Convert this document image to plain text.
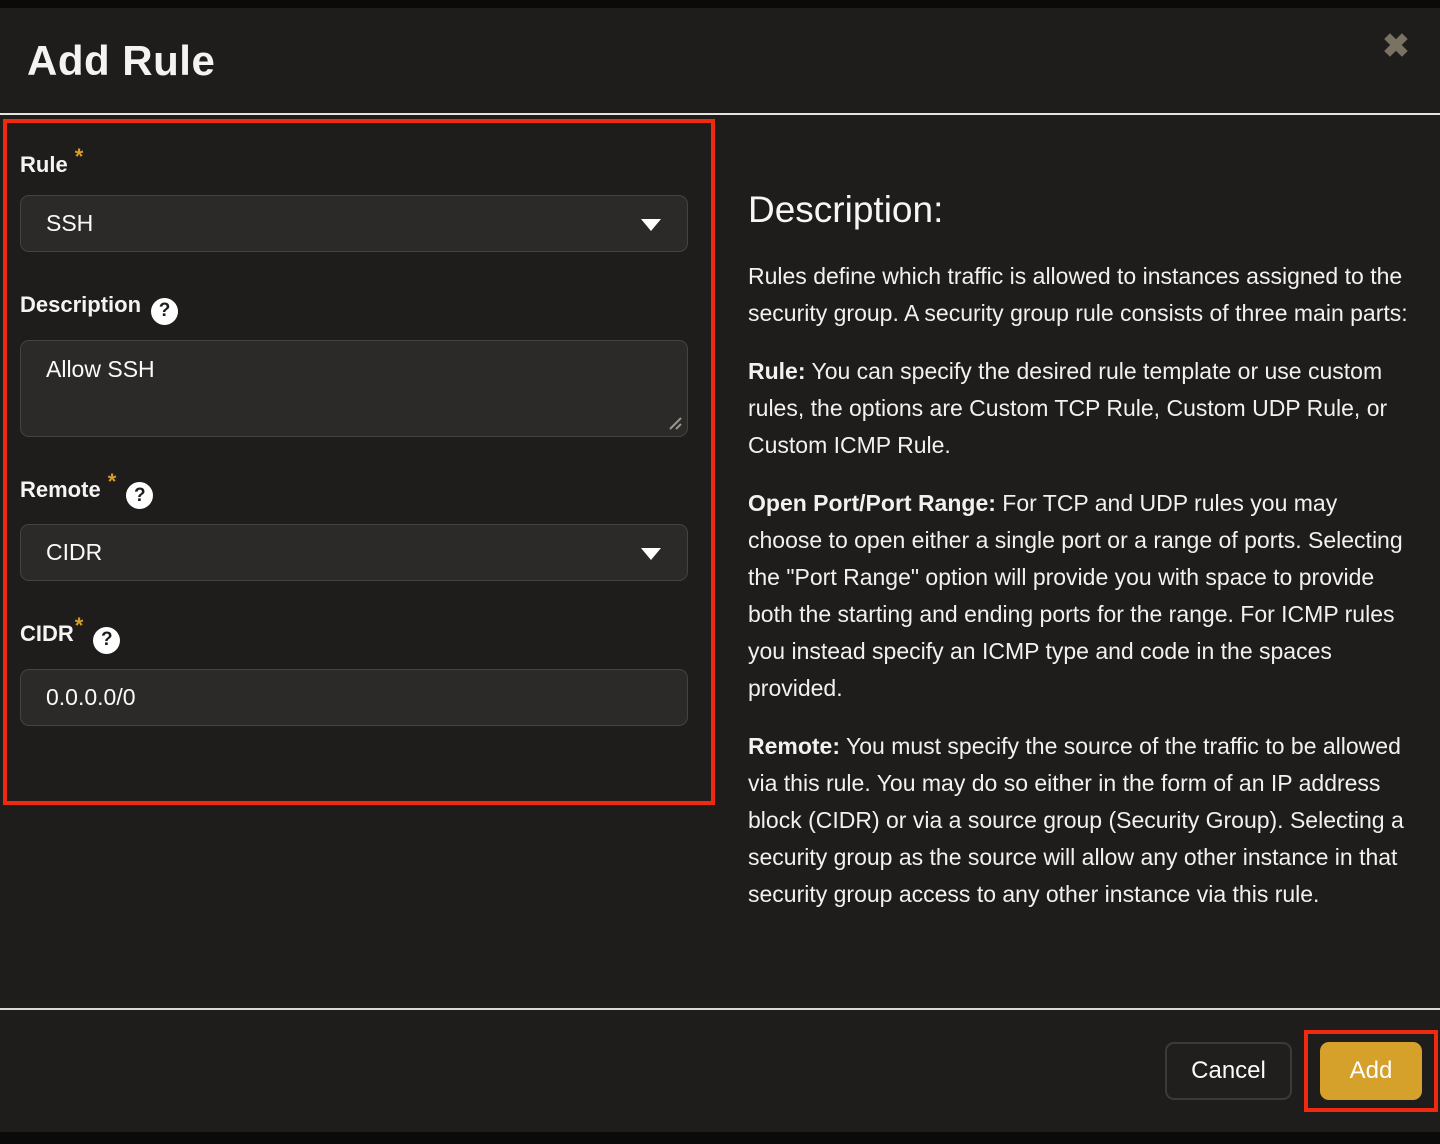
Add Rule	✖
Rule *
SSH
Description ?
Allow SSH
Remote *?
CIDR
CIDR*?
0.0.0.0/0
Description:

Rules define which traffic is allowed to instances assigned to the security group. A security group rule consists of three main parts:

Rule: You can specify the desired rule template or use custom rules, the options are Custom TCP Rule, Custom UDP Rule, or Custom ICMP Rule.

Open Port/Port Range: For TCP and UDP rules you may choose to open either a single port or a range of ports. Selecting the "Port Range" option will provide you with space to provide both the starting and ending ports for the range. For ICMP rules you instead specify an ICMP type and code in the spaces provided.

Remote: You must specify the source of the traffic to be allowed via this rule. You may do so either in the form of an IP address block (CIDR) or via a source group (Security Group). Selecting a security group as the source will allow any other instance in that security group access to any other instance via this rule.

Cancel	Add
